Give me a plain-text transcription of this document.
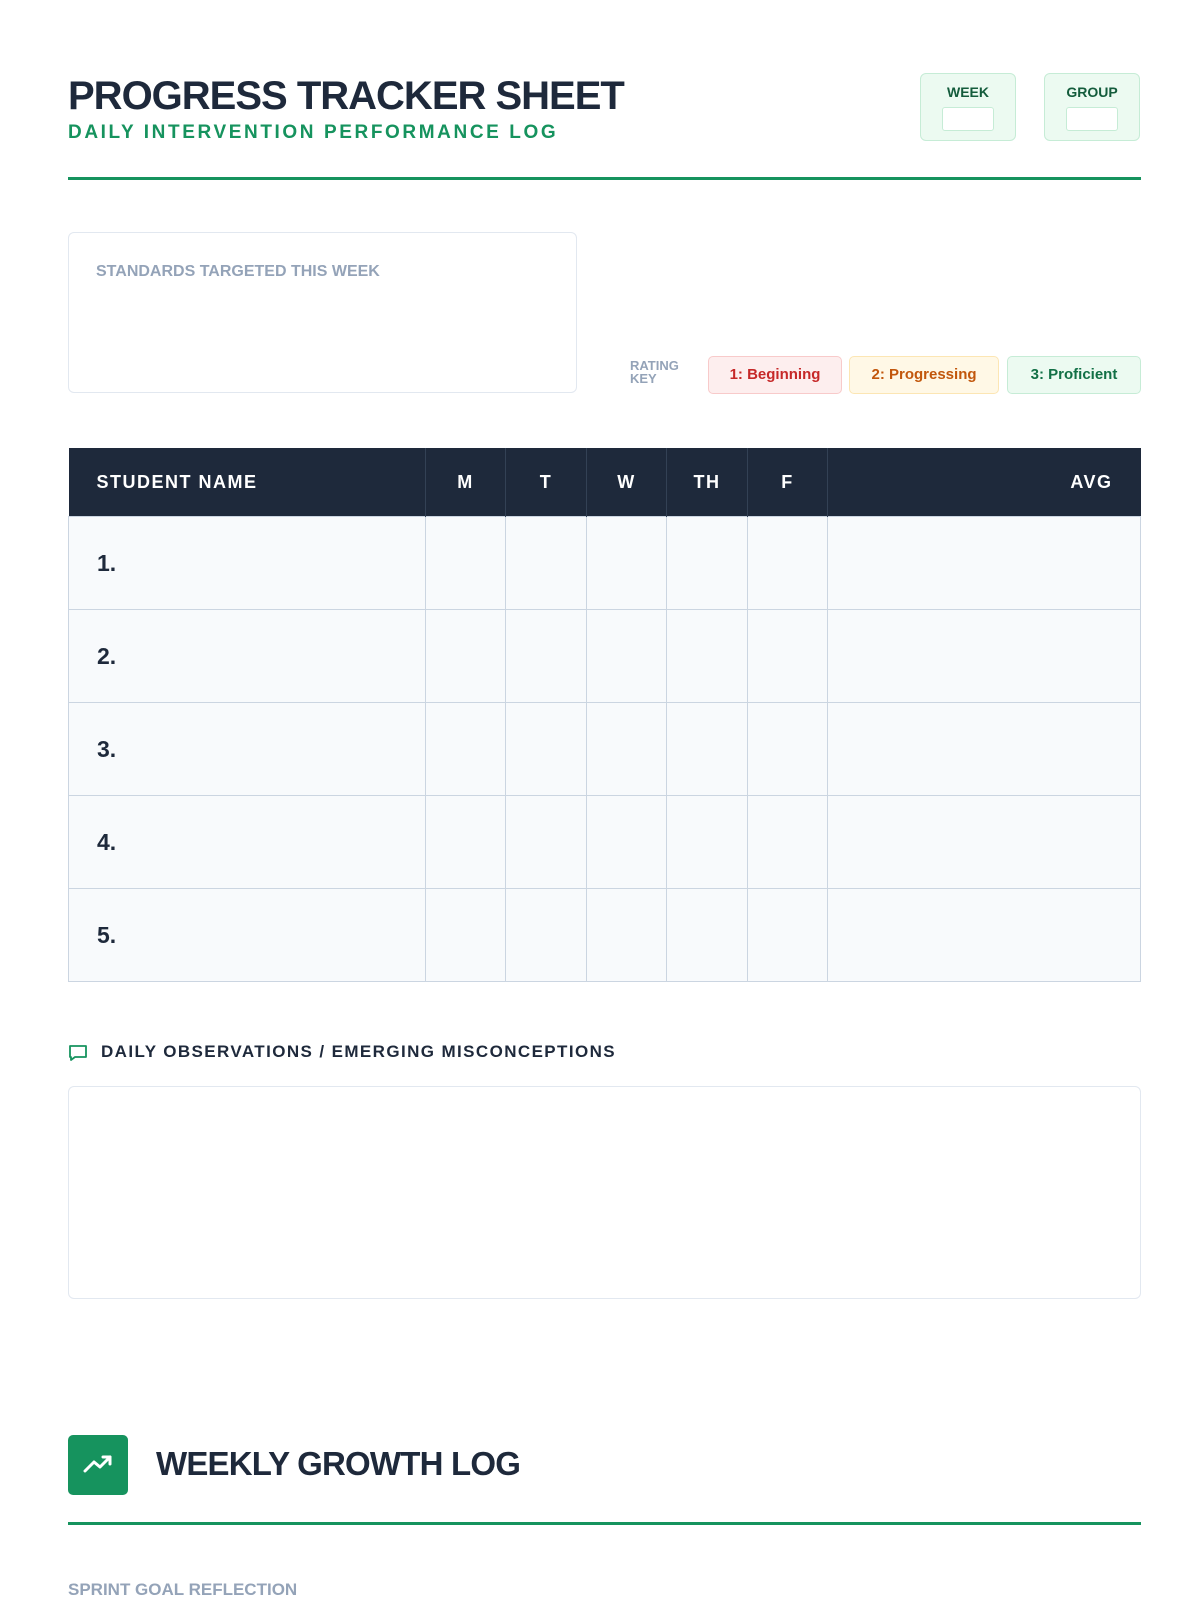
PROGRESS TRACKER SHEET
DAILY INTERVENTION PERFORMANCE LOG
WEEK	GROUP
STANDARDS TARGETED THIS WEEK
RATING KEY	1: Beginning	2: Progressing	3: Proficient
STUDENT NAME	M	T	W	TH	F	AVG
1.						
2.						
3.						
4.						
5.						
DAILY OBSERVATIONS / EMERGING MISCONCEPTIONS
WEEKLY GROWTH LOG
SPRINT GOAL REFLECTION
